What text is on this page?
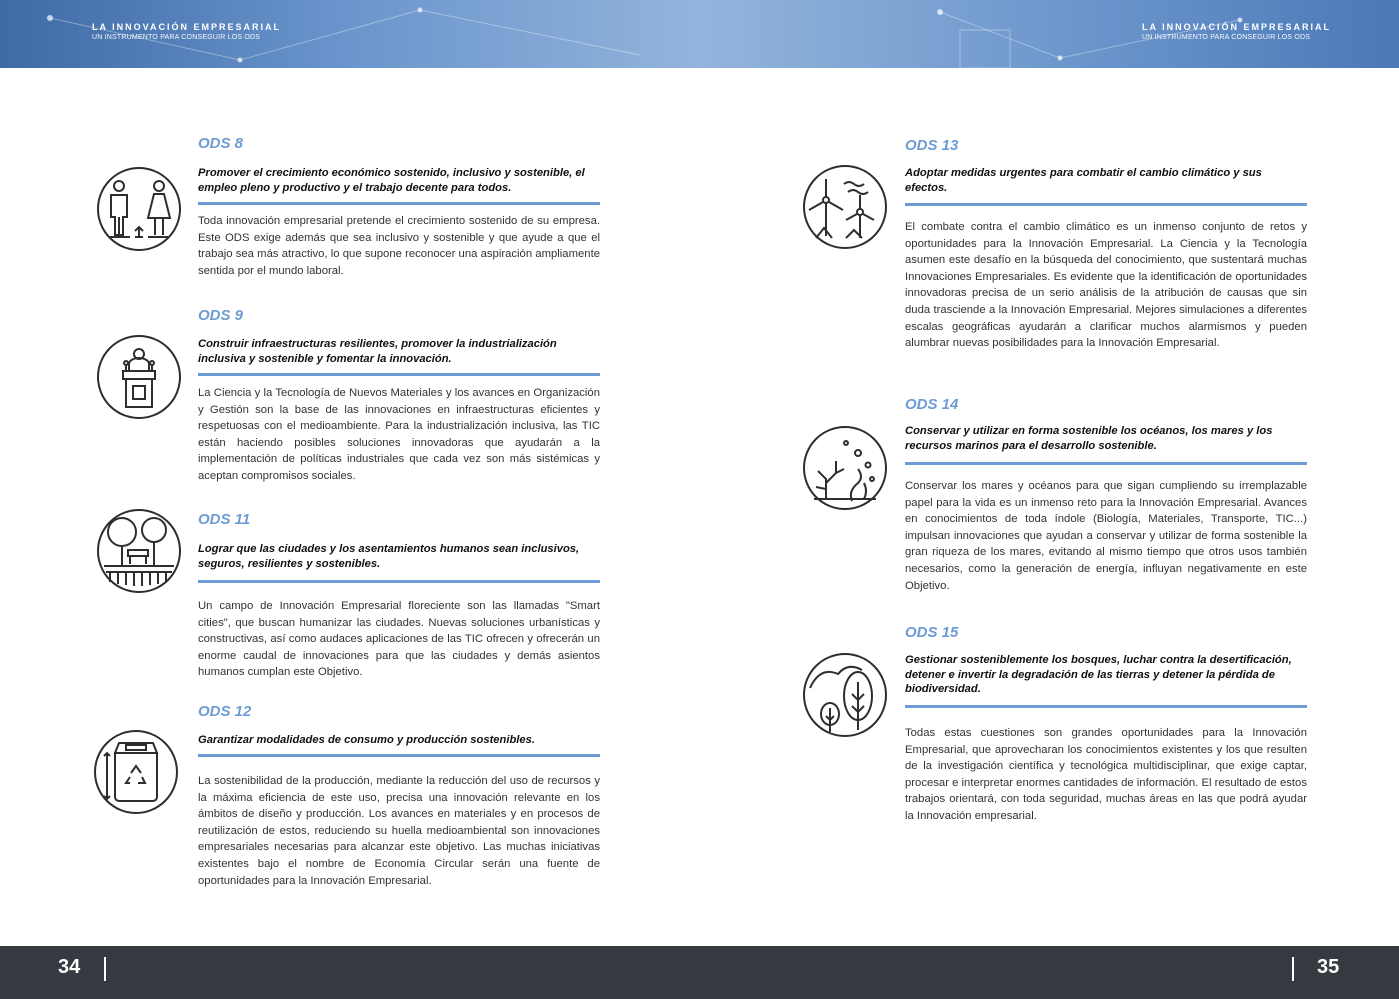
LA INNOVACIÓN EMPRESARIAL
UN INSTRUMENTO PARA CONSEGUIR LOS ODS
LA INNOVACIÓN EMPRESARIAL
UN INSTRUMENTO PARA CONSEGUIR LOS ODS
ODS 8
Promover el crecimiento económico sostenido, inclusivo y sostenible, el empleo pleno y productivo y el trabajo decente para todos.
Toda innovación empresarial pretende el crecimiento sostenido de su empresa. Este ODS exige además que sea inclusivo y sostenible y que ayude a que el trabajo sea más atractivo, lo que supone reconocer una aspiración ampliamente sentida por el mundo laboral.
ODS 9
Construir infraestructuras resilientes, promover la industrialización inclusiva y sostenible y fomentar la innovación.
La Ciencia y la Tecnología de Nuevos Materiales y los avances en Organización y Gestión son la base de las innovaciones en infraestructuras eficientes y respetuosas con el medioambiente. Para la industrialización inclusiva, las TIC están haciendo posibles soluciones innovadoras que ayudarán a la implementación de políticas industriales que cada vez son más sistémicas y aceptan compromisos sociales.
ODS 11
Lograr que las ciudades y los asentamientos humanos sean inclusivos, seguros, resilientes y sostenibles.
Un campo de Innovación Empresarial floreciente son las llamadas "Smart cities", que buscan humanizar las ciudades. Nuevas soluciones urbanísticas y constructivas, así como audaces aplicaciones de las TIC ofrecen y ofrecerán un enorme caudal de innovaciones para que las ciudades y demás asientos humanos cumplan este Objetivo.
ODS 12
Garantizar modalidades de consumo y producción sostenibles.
La sostenibilidad de la producción, mediante la reducción del uso de recursos y la máxima eficiencia de este uso, precisa una innovación relevante en los ámbitos de diseño y producción. Los avances en materiales y en procesos de reutilización de estos, reduciendo su huella medioambiental son innovaciones empresariales necesarias para alcanzar este objetivo. Las muchas iniciativas existentes bajo el nombre de Economía Circular serán una fuente de oportunidades para la Innovación Empresarial.
ODS 13
Adoptar medidas urgentes para combatir el cambio climático y sus efectos.
El combate contra el cambio climático es un inmenso conjunto de retos y oportunidades para la Innovación Empresarial. La Ciencia y la Tecnología asumen este desafío en la búsqueda del conocimiento, que sustentará muchas Innovaciones Empresariales. Es evidente que la identificación de oportunidades innovadoras precisa de un serio análisis de la atribución de causas que sin duda trasciende a la Innovación Empresarial. Mejores simulaciones a diferentes escalas geográficas ayudarán a clarificar muchos alarmismos y pueden alumbrar nuevas posibilidades para la Innovación Empresarial.
ODS 14
Conservar y utilizar en forma sostenible los océanos, los mares y los recursos marinos para el desarrollo sostenible.
Conservar los mares y océanos para que sigan cumpliendo su irremplazable papel para la vida es un inmenso reto para la Innovación Empresarial. Avances en conocimientos de toda índole (Biología, Materiales, Transporte, TIC...) impulsan innovaciones que ayudan a conservar y utilizar de forma sostenible la gran riqueza de los mares, evitando al mismo tiempo que otros usos también necesarios, como la generación de energía, influyan negativamente en este Objetivo.
ODS 15
Gestionar sosteniblemente los bosques, luchar contra la desertificación, detener e invertir la degradación de las tierras y detener la pérdida de biodiversidad.
Todas estas cuestiones son grandes oportunidades para la Innovación Empresarial, que aprovecharan los conocimientos existentes y los que resulten de la investigación científica y tecnológica multidisciplinar, que exige captar, procesar e interpretar enormes cantidades de información. El resultado de estos trabajos orientará, con toda seguridad, muchas áreas en las que podrá ayudar la Innovación empresarial.
34	35
